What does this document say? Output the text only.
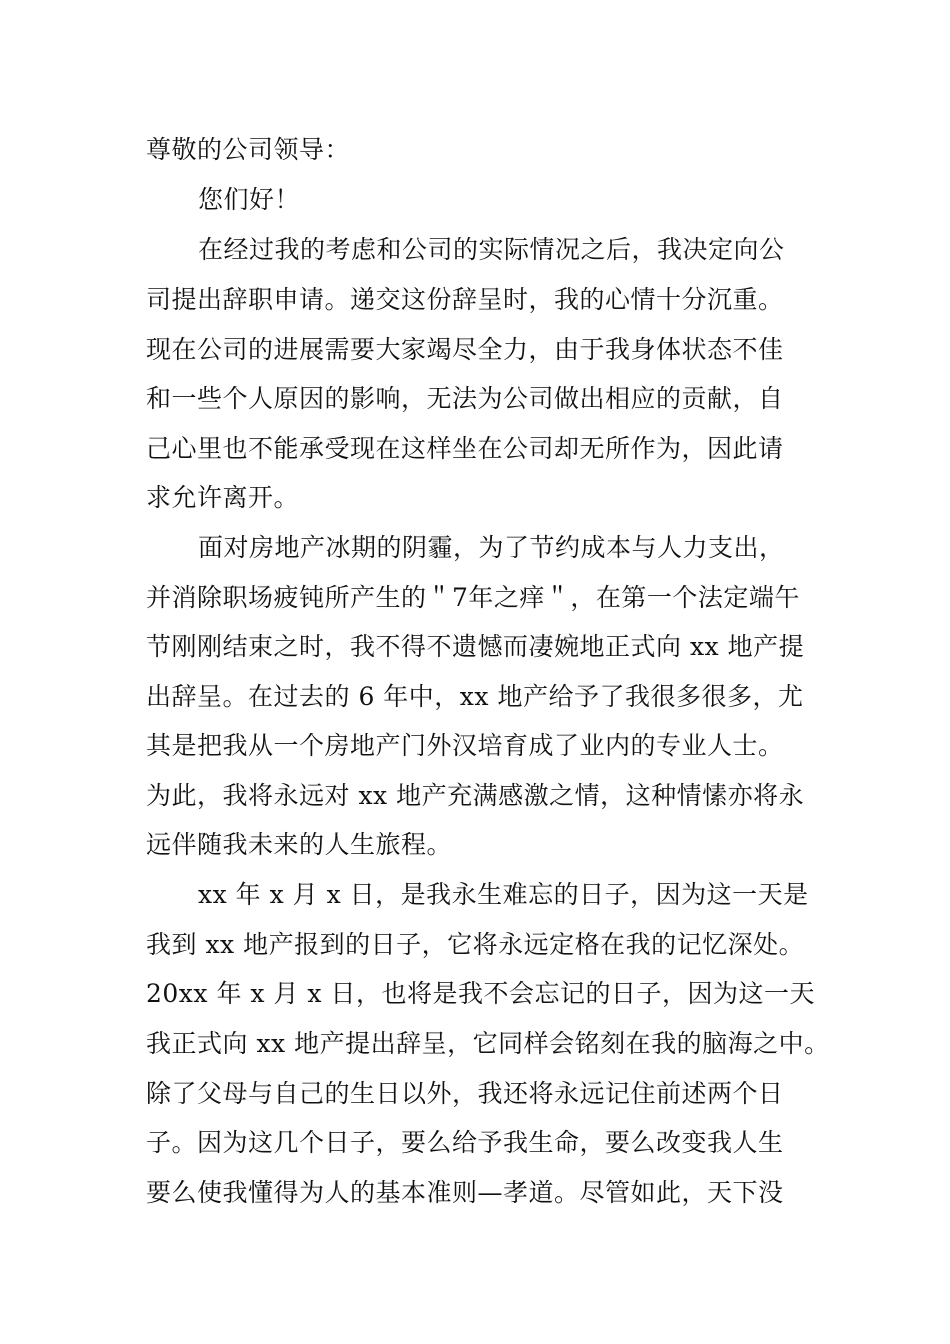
尊敬的公司领导：
您们好！
在经过我的考虑和公司的实际情况之后，我决定向公
司提出辞职申请。递交这份辞呈时，我的心情十分沉重。
现在公司的进展需要大家竭尽全力，由于我身体状态不佳
和一些个人原因的影响，无法为公司做出相应的贡献，自
己心里也不能承受现在这样坐在公司却无所作为，因此请
求允许离开。
面对房地产冰期的阴霾，为了节约成本与人力支出，
并消除职场疲钝所产生的＂7年之痒＂，在第一个法定端午
节刚刚结束之时，我不得不遗憾而凄婉地正式向 xx 地产提
出辞呈。在过去的 6 年中，xx 地产给予了我很多很多，尤
其是把我从一个房地产门外汉培育成了业内的专业人士。
为此，我将永远对 xx 地产充满感激之情，这种情愫亦将永
远伴随我未来的人生旅程。
xx 年 x 月 x 日，是我永生难忘的日子，因为这一天是
我到 xx 地产报到的日子，它将永远定格在我的记忆深处。
20xx 年 x 月 x 日，也将是我不会忘记的日子，因为这一天
我正式向 xx 地产提出辞呈，它同样会铭刻在我的脑海之中。
除了父母与自己的生日以外，我还将永远记住前述两个日
子。因为这几个日子，要么给予我生命，要么改变我人生
要么使我懂得为人的基本准则—孝道。尽管如此，天下没
